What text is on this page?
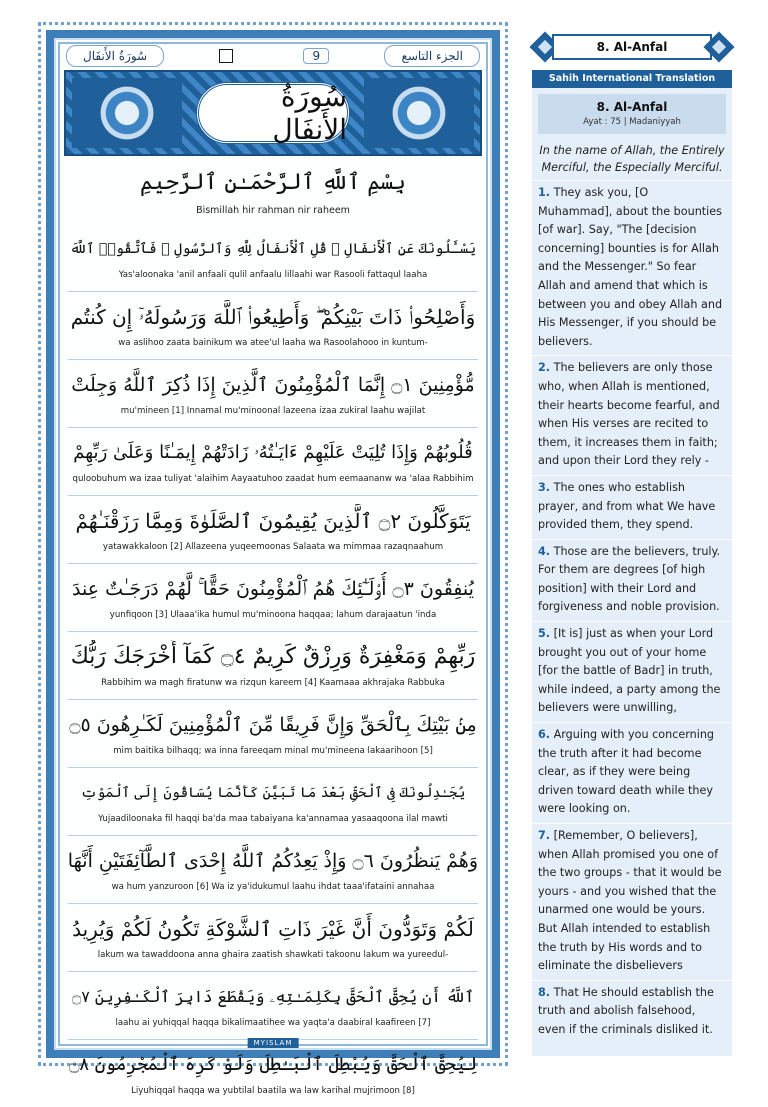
سُورَةُ الأَنفَال	9	الجزء التاسع
سُورَةُ الأَنفَال
بِسْمِ ٱللَّهِ ٱلرَّحْمَـٰنِ ٱلرَّحِيمِ
Bismillah hir rahman nir raheem
يَسْـَٔلُونَكَ عَنِ ٱلْأَنفَالِ ۖ قُلِ ٱلْأَنفَالُ لِلَّهِ وَٱلرَّسُولِ ۖ فَٱتَّقُوا۟ ٱللَّهَ
Yas'aloonaka 'anil anfaali qulil anfaalu lillaahi war Rasooli fattaqul laaha
وَأَصْلِحُوا۟ ذَاتَ بَيْنِكُمْ ۖ وَأَطِيعُوا۟ ٱللَّهَ وَرَسُولَهُۥٓ إِن كُنتُم
wa aslihoo zaata bainikum wa atee'ul laaha wa Rasoolahooo in kuntum-
مُّؤْمِنِينَ ۝١ إِنَّمَا ٱلْمُؤْمِنُونَ ٱلَّذِينَ إِذَا ذُكِرَ ٱللَّهُ وَجِلَتْ
mu'mineen [1] Innamal mu'minoonal lazeena izaa zukiral laahu wajilat
قُلُوبُهُمْ وَإِذَا تُلِيَتْ عَلَيْهِمْ ءَايَـٰتُهُۥ زَادَتْهُمْ إِيمَـٰنًا وَعَلَىٰ رَبِّهِمْ
quloobuhum wa izaa tuliyat 'alaihim Aayaatuhoo zaadat hum eemaananw wa 'alaa Rabbihim
يَتَوَكَّلُونَ ۝٢ ٱلَّذِينَ يُقِيمُونَ ٱلصَّلَوٰةَ وَمِمَّا رَزَقْنَـٰهُمْ
yatawakkaloon [2] Allazeena yuqeemoonas Salaata wa mimmaa razaqnaahum
يُنفِقُونَ ۝٣ أُو۟لَـٰٓئِكَ هُمُ ٱلْمُؤْمِنُونَ حَقًّا ۚ لَّهُمْ دَرَجَـٰتٌ عِندَ
yunfiqoon [3] Ulaaa'ika humul mu'minoona haqqaa; lahum darajaatun 'inda
رَبِّهِمْ وَمَغْفِرَةٌ وَرِزْقٌ كَرِيمٌ ۝٤ كَمَآ أَخْرَجَكَ رَبُّكَ
Rabbihim wa magh firatunw wa rizqun kareem [4] Kaamaaa akhrajaka Rabbuka
مِنۢ بَيْتِكَ بِٱلْحَقِّ وَإِنَّ فَرِيقًا مِّنَ ٱلْمُؤْمِنِينَ لَكَـٰرِهُونَ ۝٥
mim baitika bilhaqq; wa inna fareeqam minal mu'mineena lakaarihoon [5]
يُجَـٰدِلُونَكَ فِى ٱلْحَقِّ بَعْدَ مَا تَبَيَّنَ كَأَنَّمَا يُسَاقُونَ إِلَى ٱلْمَوْتِ
Yujaadiloonaka fil haqqi ba'da maa tabaiyana ka'annamaa yasaaqoona ilal mawti
وَهُمْ يَنظُرُونَ ۝٦ وَإِذْ يَعِدُكُمُ ٱللَّهُ إِحْدَى ٱلطَّآئِفَتَيْنِ أَنَّهَا
wa hum yanzuroon [6] Wa iz ya'idukumul laahu ihdat taaa'ifataini annahaa
لَكُمْ وَتَوَدُّونَ أَنَّ غَيْرَ ذَاتِ ٱلشَّوْكَةِ تَكُونُ لَكُمْ وَيُرِيدُ
lakum wa tawaddoona anna ghaira zaatish shawkati takoonu lakum wa yureedul-
ٱللَّهُ أَن يُحِقَّ ٱلْحَقَّ بِكَلِمَـٰتِهِۦ وَيَقْطَعَ دَابِرَ ٱلْكَـٰفِرِينَ ۝٧
laahu ai yuhiqqal haqqa bikalimaatihee wa yaqta'a daabiral kaafireen [7]
لِيُحِقَّ ٱلْحَقَّ وَيُبْطِلَ ٱلْبَـٰطِلَ وَلَوْ كَرِهَ ٱلْمُجْرِمُونَ ۝٨
Liyuhiqqal haqqa wa yubtilal baatila wa law karihal mujrimoon [8]
MYISLAM
8. Al-Anfal
Sahih International Translation
8. Al-Anfal
Ayat : 75 | Madaniyyah
In the name of Allah, the Entirely Merciful, the Especially Merciful.
1. They ask you, [O Muhammad], about the bounties [of war]. Say, "The [decision concerning] bounties is for Allah and the Messenger." So fear Allah and amend that which is between you and obey Allah and His Messenger, if you should be believers.
2. The believers are only those who, when Allah is mentioned, their hearts become fearful, and when His verses are recited to them, it increases them in faith; and upon their Lord they rely -
3. The ones who establish prayer, and from what We have provided them, they spend.
4. Those are the believers, truly. For them are degrees [of high position] with their Lord and forgiveness and noble provision.
5. [It is] just as when your Lord brought you out of your home [for the battle of Badr] in truth, while indeed, a party among the believers were unwilling,
6. Arguing with you concerning the truth after it had become clear, as if they were being driven toward death while they were looking on.
7. [Remember, O believers], when Allah promised you one of the two groups - that it would be yours - and you wished that the unarmed one would be yours. But Allah intended to establish the truth by His words and to eliminate the disbelievers
8. That He should establish the truth and abolish falsehood, even if the criminals disliked it.
